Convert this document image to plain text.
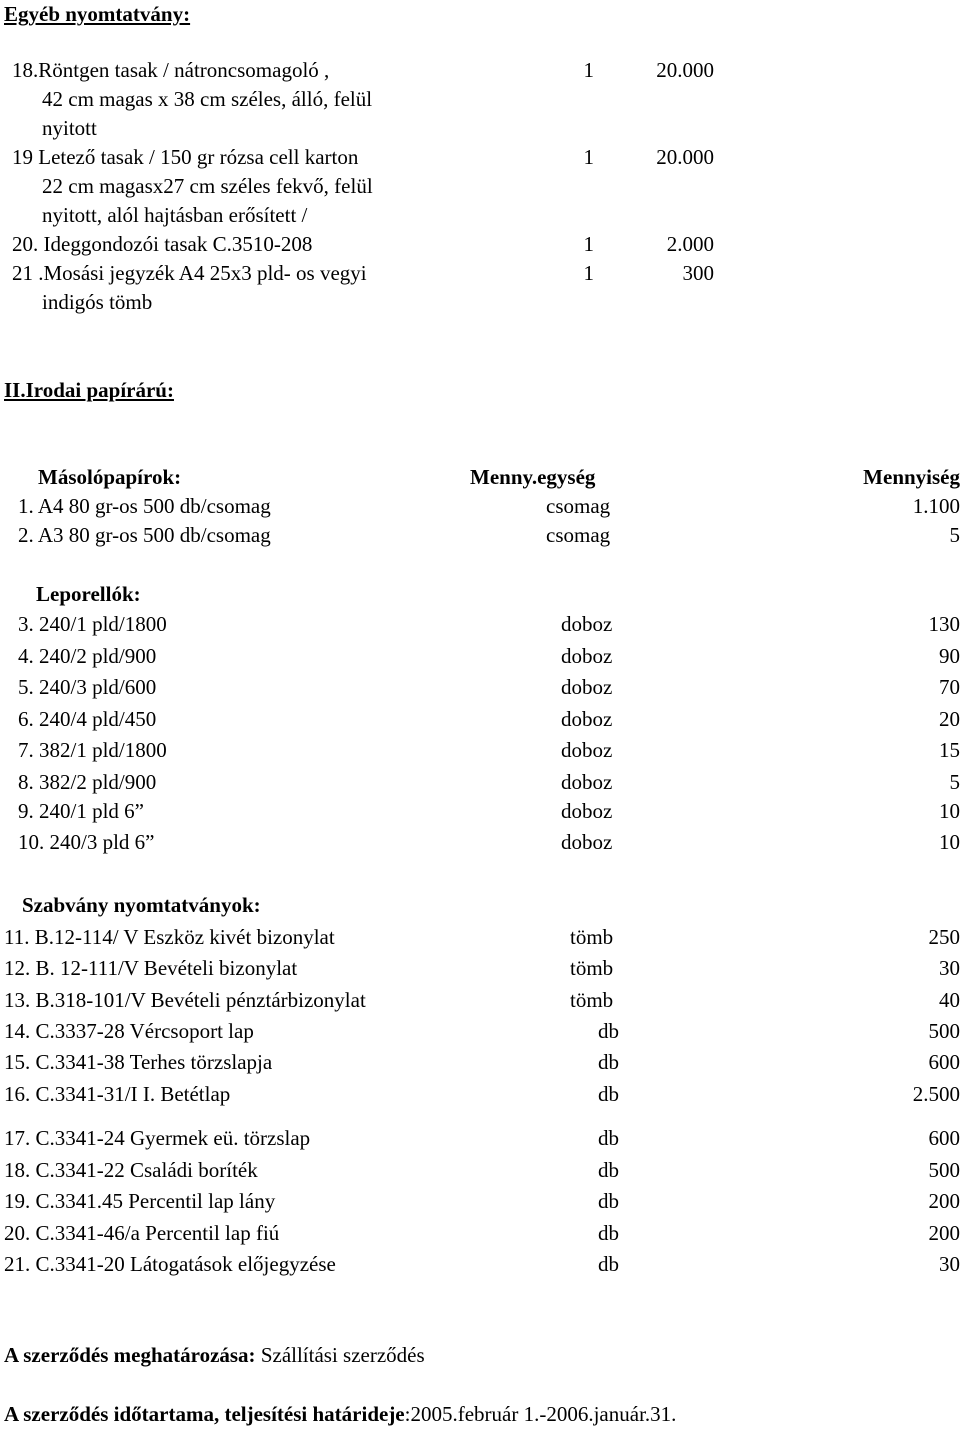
Egyéb nyomtatvány:
18.Röntgen tasak / nátroncsomagoló ,
42 cm magas x 38 cm széles, álló, felül
nyitott
1	20.000
19 Letező tasak / 150 gr rózsa cell karton
22 cm magasx27 cm széles fekvő, felül
nyitott, alól hajtásban erősített /
1	20.000
20. Ideggondozói tasak C.3510-208	1	2.000
21 .Mosási jegyzék A4 25x3 pld- os vegyi
indigós tömb
1	300
II.Irodai papírárú:
Másolópapírok:	Menny.egység	Mennyiség
1. A4 80 gr-os 500 db/csomag	csomag	1.100
2. A3 80 gr-os 500 db/csomag	csomag	5
Leporellók:
3. 240/1 pld/1800	doboz	130
4. 240/2 pld/900	doboz	90
5. 240/3 pld/600	doboz	70
6. 240/4 pld/450	doboz	20
7. 382/1 pld/1800	doboz	15
8. 382/2 pld/900	doboz	5
9. 240/1 pld 6”	doboz	10
10. 240/3 pld 6”	doboz	10
Szabvány nyomtatványok:
11. B.12-114/ V Eszköz kivét bizonylat	tömb	250
12. B. 12-111/V Bevételi bizonylat	tömb	30
13. B.318-101/V Bevételi pénztárbizonylat	tömb	40
14. C.3337-28 Vércsoport lap	db	500
15. C.3341-38 Terhes törzslapja	db	600
16. C.3341-31/I I. Betétlap	db	2.500
17. C.3341-24 Gyermek eü. törzslap	db	600
18. C.3341-22 Családi boríték	db	500
19. C.3341.45 Percentil lap lány	db	200
20. C.3341-46/a Percentil lap fiú	db	200
21. C.3341-20 Látogatások előjegyzése	db	30
A szerződés meghatározása: Szállítási szerződés
A szerződés időtartama, teljesítési határideje:2005.február 1.-2006.január.31.
